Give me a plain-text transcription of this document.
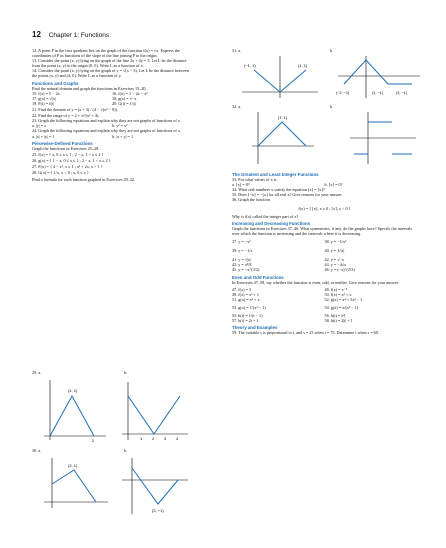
12 Chapter 1: Functions
12. A point P in the first quadrant lies on the graph of the function f(x) = √x. Express the coordinates of P as functions of the slope of the line joining P to the origin.
13. Consider the point (x, y) lying on the graph of the line 2x + 4y = 5. Let L be the distance from the point (x, y) to the origin (0, 0). Write L as a function of x.
14. Consider the point (x, y) lying on the graph of y = √(x − 3). Let L be the distance between the points (x, y) and (4, 0). Write L as a function of y.
Functions and Graphs
Find the natural domain and graph the functions in Exercises 15–20.
15. f(x) = 5 − 2x	16. f(x) = 1 − 2x − x²
17. g(x) = √|x|	18. g(x) = √−x
19. F(t) = t/|t|	20. G(t) = 1/|t|
21. Find the domain of y = (x + 3) / (4 − √(x² − 9)).
22. Find the range of y = 2 + x²/(x² + 4).
23. Graph the following equations and explain why they are not graphs of functions of x.
a. |y| = x	b. y² = x²
24. Graph the following equations and explain why they are not graphs of functions of x.
a. |x| + |y| = 1	b. |x + y| = 1
Piecewise-Defined Functions
Graph the functions in Exercises 25–28.
25. f(x) = { x, 0 ≤ x ≤ 1 ; 2 − x, 1 < x ≤ 2 }
26. g(x) = { 1 − x, 0 ≤ x ≤ 1 ; 2 − x, 1 < x ≤ 2 }
27. F(x) = { 4 − x², x ≤ 1 ; x² + 2x, x > 1 }
28. G(x) = { 1/x, x < 0 ; x, 0 ≤ x }
Find a formula for each function graphed in Exercises 29–32.
29. a.	b.
(1, 1)
2	1 2 3 4
30. a.	b.
(2, 1)
(2, −1)
31. a.	b.
(−1, 1)	(1, 1)
(−2, −1)	(1, −1)	(3, −1)
32. a.	b.
(T, 1)
The Greatest and Least Integer Functions
33. For what values of x is
a. ⌊x⌋ = 0?	b. ⌈x⌉ = 0?
34. What real numbers x satisfy the equation ⌊x⌋ = ⌈x⌉?
35. Does ⌈−x⌉ = −⌊x⌋ for all real x? Give reasons for your answer.
36. Graph the function
f(x) = { ⌊x⌋, x ≥ 0 ; ⌈x⌉, x < 0 }
Why is f(x) called the integer part of x?
Increasing and Decreasing Functions
Graph the functions in Exercises 37–46. What symmetries, if any, do the graphs have? Specify the intervals over which the function is increasing and the intervals where it is decreasing.
37. y = −x³	38. y = −1/x²
39. y = −1/x	40. y = 1/|x|
41. y = √|x|	42. y = √−x
43. y = x³/8	44. y = −4√x
45. y = −x^(3/2)	46. y = (−x)^(2/3)
Even and Odd Functions
In Exercises 47–58, say whether the function is even, odd, or neither. Give reasons for your answer.
47. f(x) = 3	48. f(x) = x⁻⁵
49. f(x) = x² + 1	50. f(x) = x² + x
51. g(x) = x³ + x	52. g(x) = x⁴ + 3x² − 1
53. g(x) = 1/(x² − 1)	54. g(x) = x/(x² − 1)
55. h(t) = 1/(t − 1)	56. h(t) = |t³|
57. h(t) = 2t + 1	58. h(t) = 2|t| + 1
Theory and Examples
59. The variable s is proportional to t, and s = 25 when t = 75. Determine t when s = 60.
